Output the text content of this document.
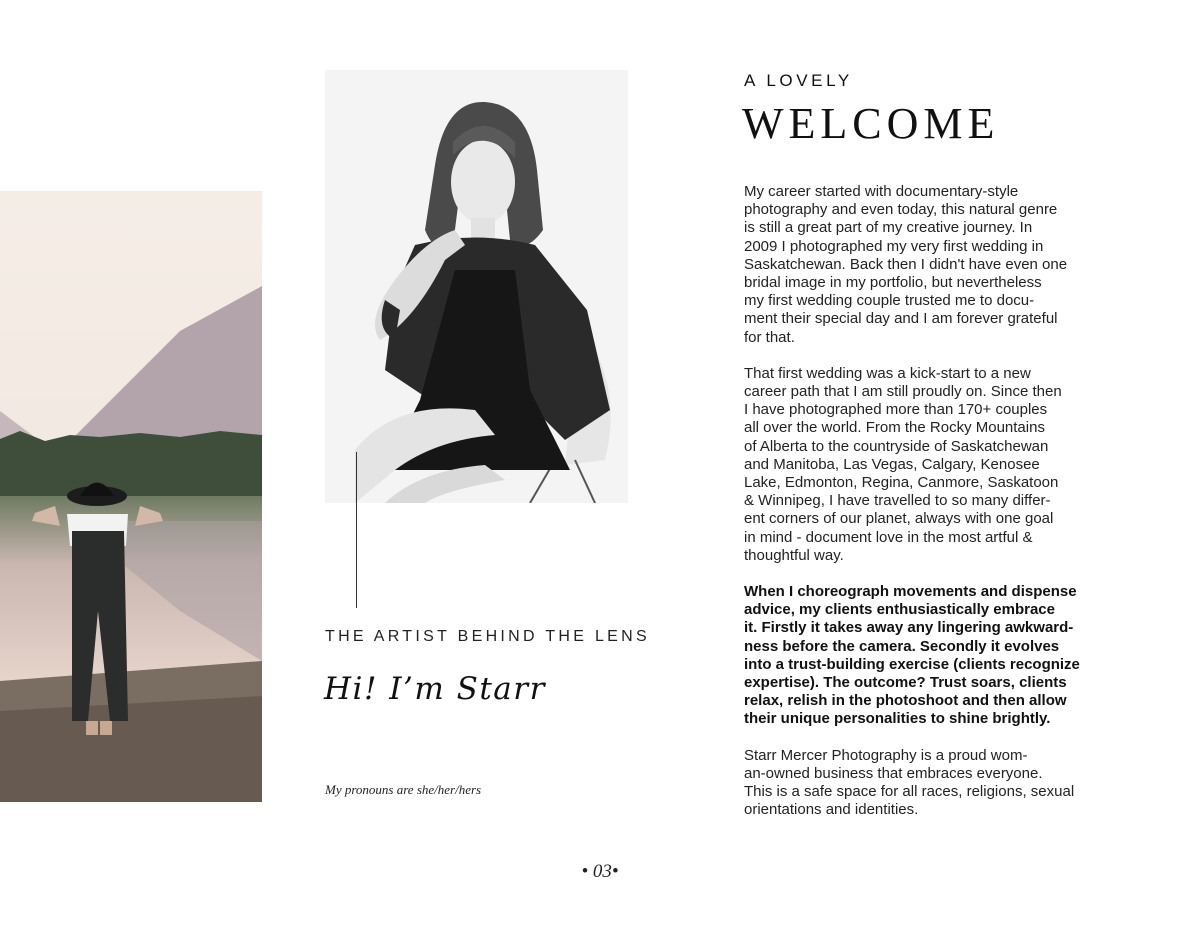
THE ARTIST BEHIND THE LENS
Hi! I’m Starr
My pronouns are she/her/hers
A LOVELY
WELCOME

My career started with documentary-style
photography and even today, this natural genre
is still a great part of my creative journey. In
2009 I photographed my very first wedding in
Saskatchewan. Back then I didn't have even one
bridal image in my portfolio, but nevertheless
my first wedding couple trusted me to docu-
ment their special day and I am forever grateful
for that.

That first wedding was a kick-start to a new
career path that I am still proudly on. Since then
I have photographed more than 170+ couples
all over the world. From the Rocky Mountains
of Alberta to the countryside of Saskatchewan
and Manitoba, Las Vegas, Calgary, Kenosee
Lake, Edmonton, Regina, Canmore, Saskatoon
& Winnipeg, I have travelled to so many differ-
ent corners of our planet, always with one goal
in mind - document love in the most artful &
thoughtful way.

When I choreograph movements and dispense
advice, my clients enthusiastically embrace
it. Firstly it takes away any lingering awkward-
ness before the camera. Secondly it evolves
into a trust-building exercise (clients recognize
expertise). The outcome? Trust soars, clients
relax, relish in the photoshoot and then allow
their unique personalities to shine brightly.

Starr Mercer Photography is a proud wom-
an-owned business that embraces everyone.
This is a safe space for all races, religions, sexual
orientations and identities.

• 03•
